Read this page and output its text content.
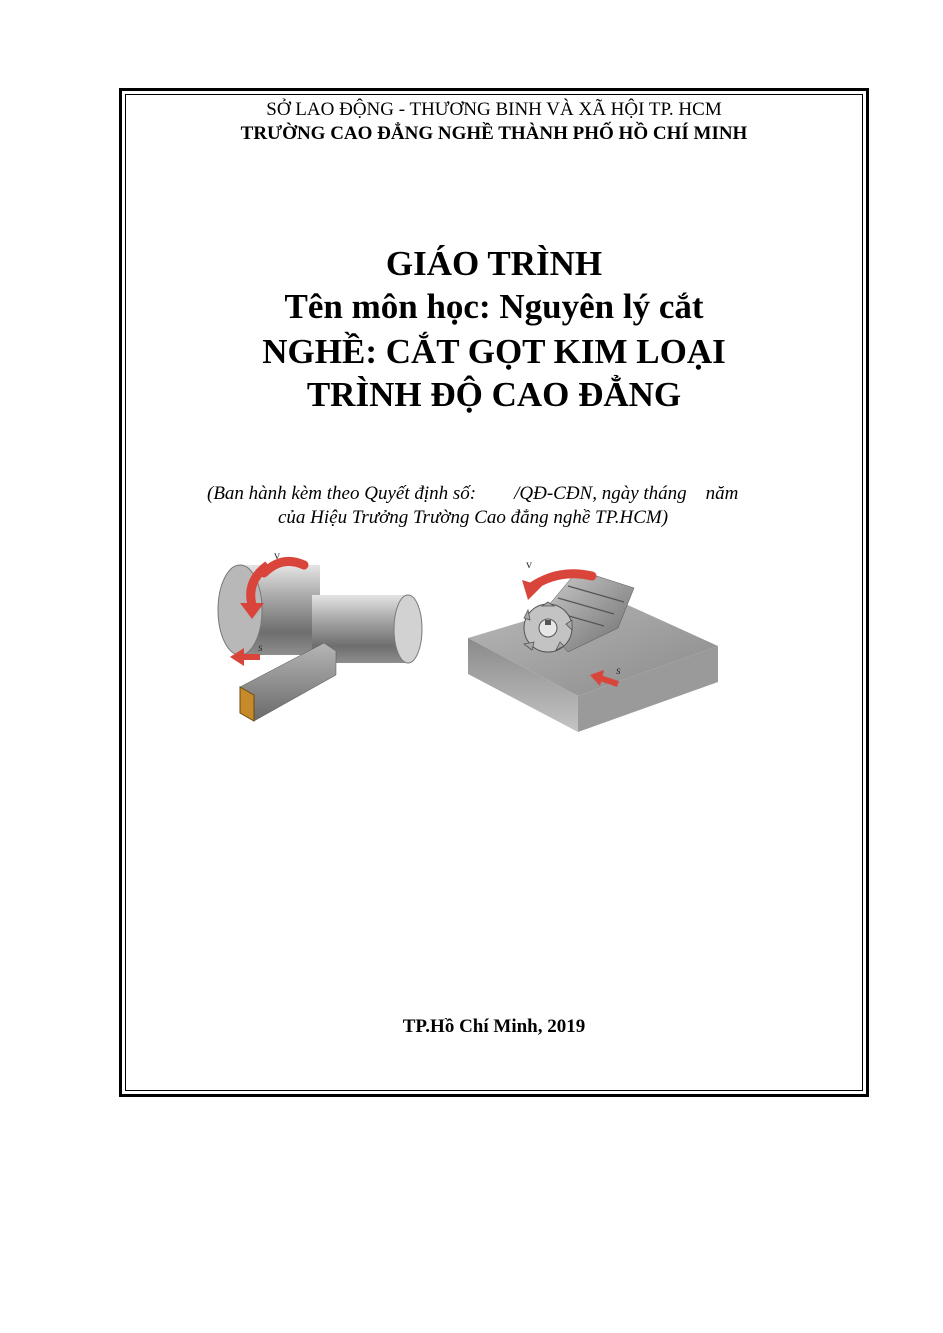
SỞ LAO ĐỘNG - THƯƠNG BINH VÀ XÃ HỘI TP. HCM
TRƯỜNG CAO ĐẲNG NGHỀ THÀNH PHỐ HỒ CHÍ MINH
GIÁO TRÌNH
Tên môn học: Nguyên lý cắt
NGHỀ: CẮT GỌT KIM LOẠI
TRÌNH ĐỘ CAO ĐẲNG
(Ban hành kèm theo Quyết định số:        /QĐ-CĐN, ngày tháng    năm
của Hiệu Trưởng Trường Cao đẳng nghề TP.HCM)
v
s
v
s
TP.Hồ Chí Minh, 2019
